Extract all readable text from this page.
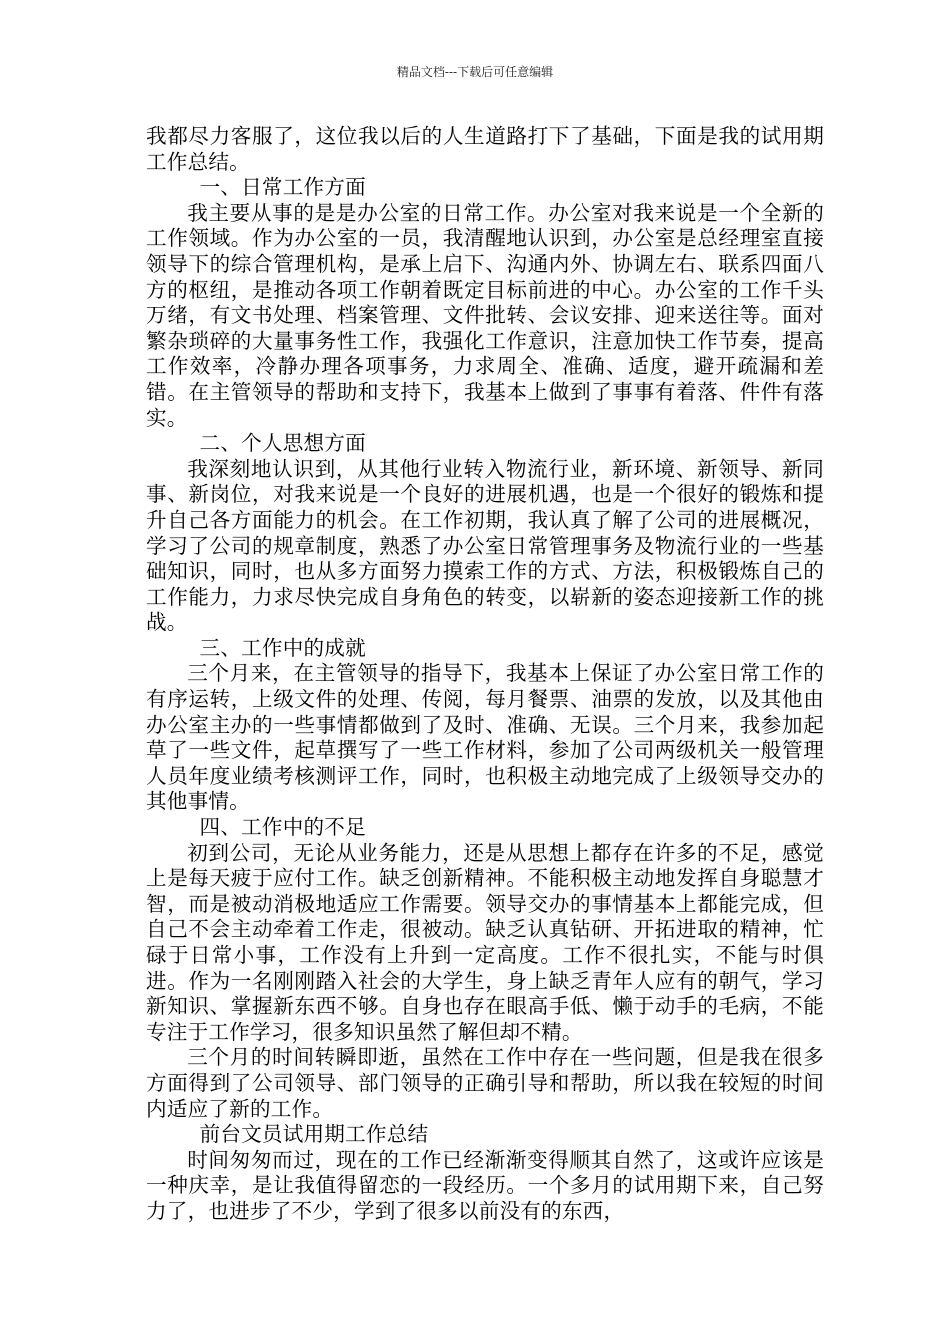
精品文档---下载后可任意编辑

我都尽力客服了，这位我以后的人生道路打下了基础，下面是我的试用期工作总结。

一、日常工作方面

我主要从事的是是办公室的日常工作。办公室对我来说是一个全新的工作领域。作为办公室的一员，我清醒地认识到，办公室是总经理室直接领导下的综合管理机构，是承上启下、沟通内外、协调左右、联系四面八方的枢纽，是推动各项工作朝着既定目标前进的中心。办公室的工作千头万绪，有文书处理、档案管理、文件批转、会议安排、迎来送往等。面对繁杂琐碎的大量事务性工作，我强化工作意识，注意加快工作节奏，提高工作效率，冷静办理各项事务，力求周全、准确、适度，避开疏漏和差错。在主管领导的帮助和支持下，我基本上做到了事事有着落、件件有落实。

二、个人思想方面

我深刻地认识到，从其他行业转入物流行业，新环境、新领导、新同事、新岗位，对我来说是一个良好的进展机遇，也是一个很好的锻炼和提升自己各方面能力的机会。在工作初期，我认真了解了公司的进展概况，学习了公司的规章制度，熟悉了办公室日常管理事务及物流行业的一些基础知识，同时，也从多方面努力摸索工作的方式、方法，积极锻炼自己的工作能力，力求尽快完成自身角色的转变，以崭新的姿态迎接新工作的挑战。

三、工作中的成就

三个月来，在主管领导的指导下，我基本上保证了办公室日常工作的有序运转，上级文件的处理、传阅，每月餐票、油票的发放，以及其他由办公室主办的一些事情都做到了及时、准确、无误。三个月来，我参加起草了一些文件，起草撰写了一些工作材料，参加了公司两级机关一般管理人员年度业绩考核测评工作，同时，也积极主动地完成了上级领导交办的其他事情。

四、工作中的不足

初到公司，无论从业务能力，还是从思想上都存在许多的不足，感觉上是每天疲于应付工作。缺乏创新精神。不能积极主动地发挥自身聪慧才智，而是被动消极地适应工作需要。领导交办的事情基本上都能完成，但自己不会主动牵着工作走，很被动。缺乏认真钻研、开拓进取的精神，忙碌于日常小事，工作没有上升到一定高度。工作不很扎实，不能与时俱进。作为一名刚刚踏入社会的大学生，身上缺乏青年人应有的朝气，学习新知识、掌握新东西不够。自身也存在眼高手低、懒于动手的毛病，不能专注于工作学习，很多知识虽然了解但却不精。

三个月的时间转瞬即逝，虽然在工作中存在一些问题，但是我在很多方面得到了公司领导、部门领导的正确引导和帮助，所以我在较短的时间内适应了新的工作。

前台文员试用期工作总结

时间匆匆而过，现在的工作已经渐渐变得顺其自然了，这或许应该是一种庆幸，是让我值得留恋的一段经历。一个多月的试用期下来，自己努力了，也进步了不少，学到了很多以前没有的东西，
